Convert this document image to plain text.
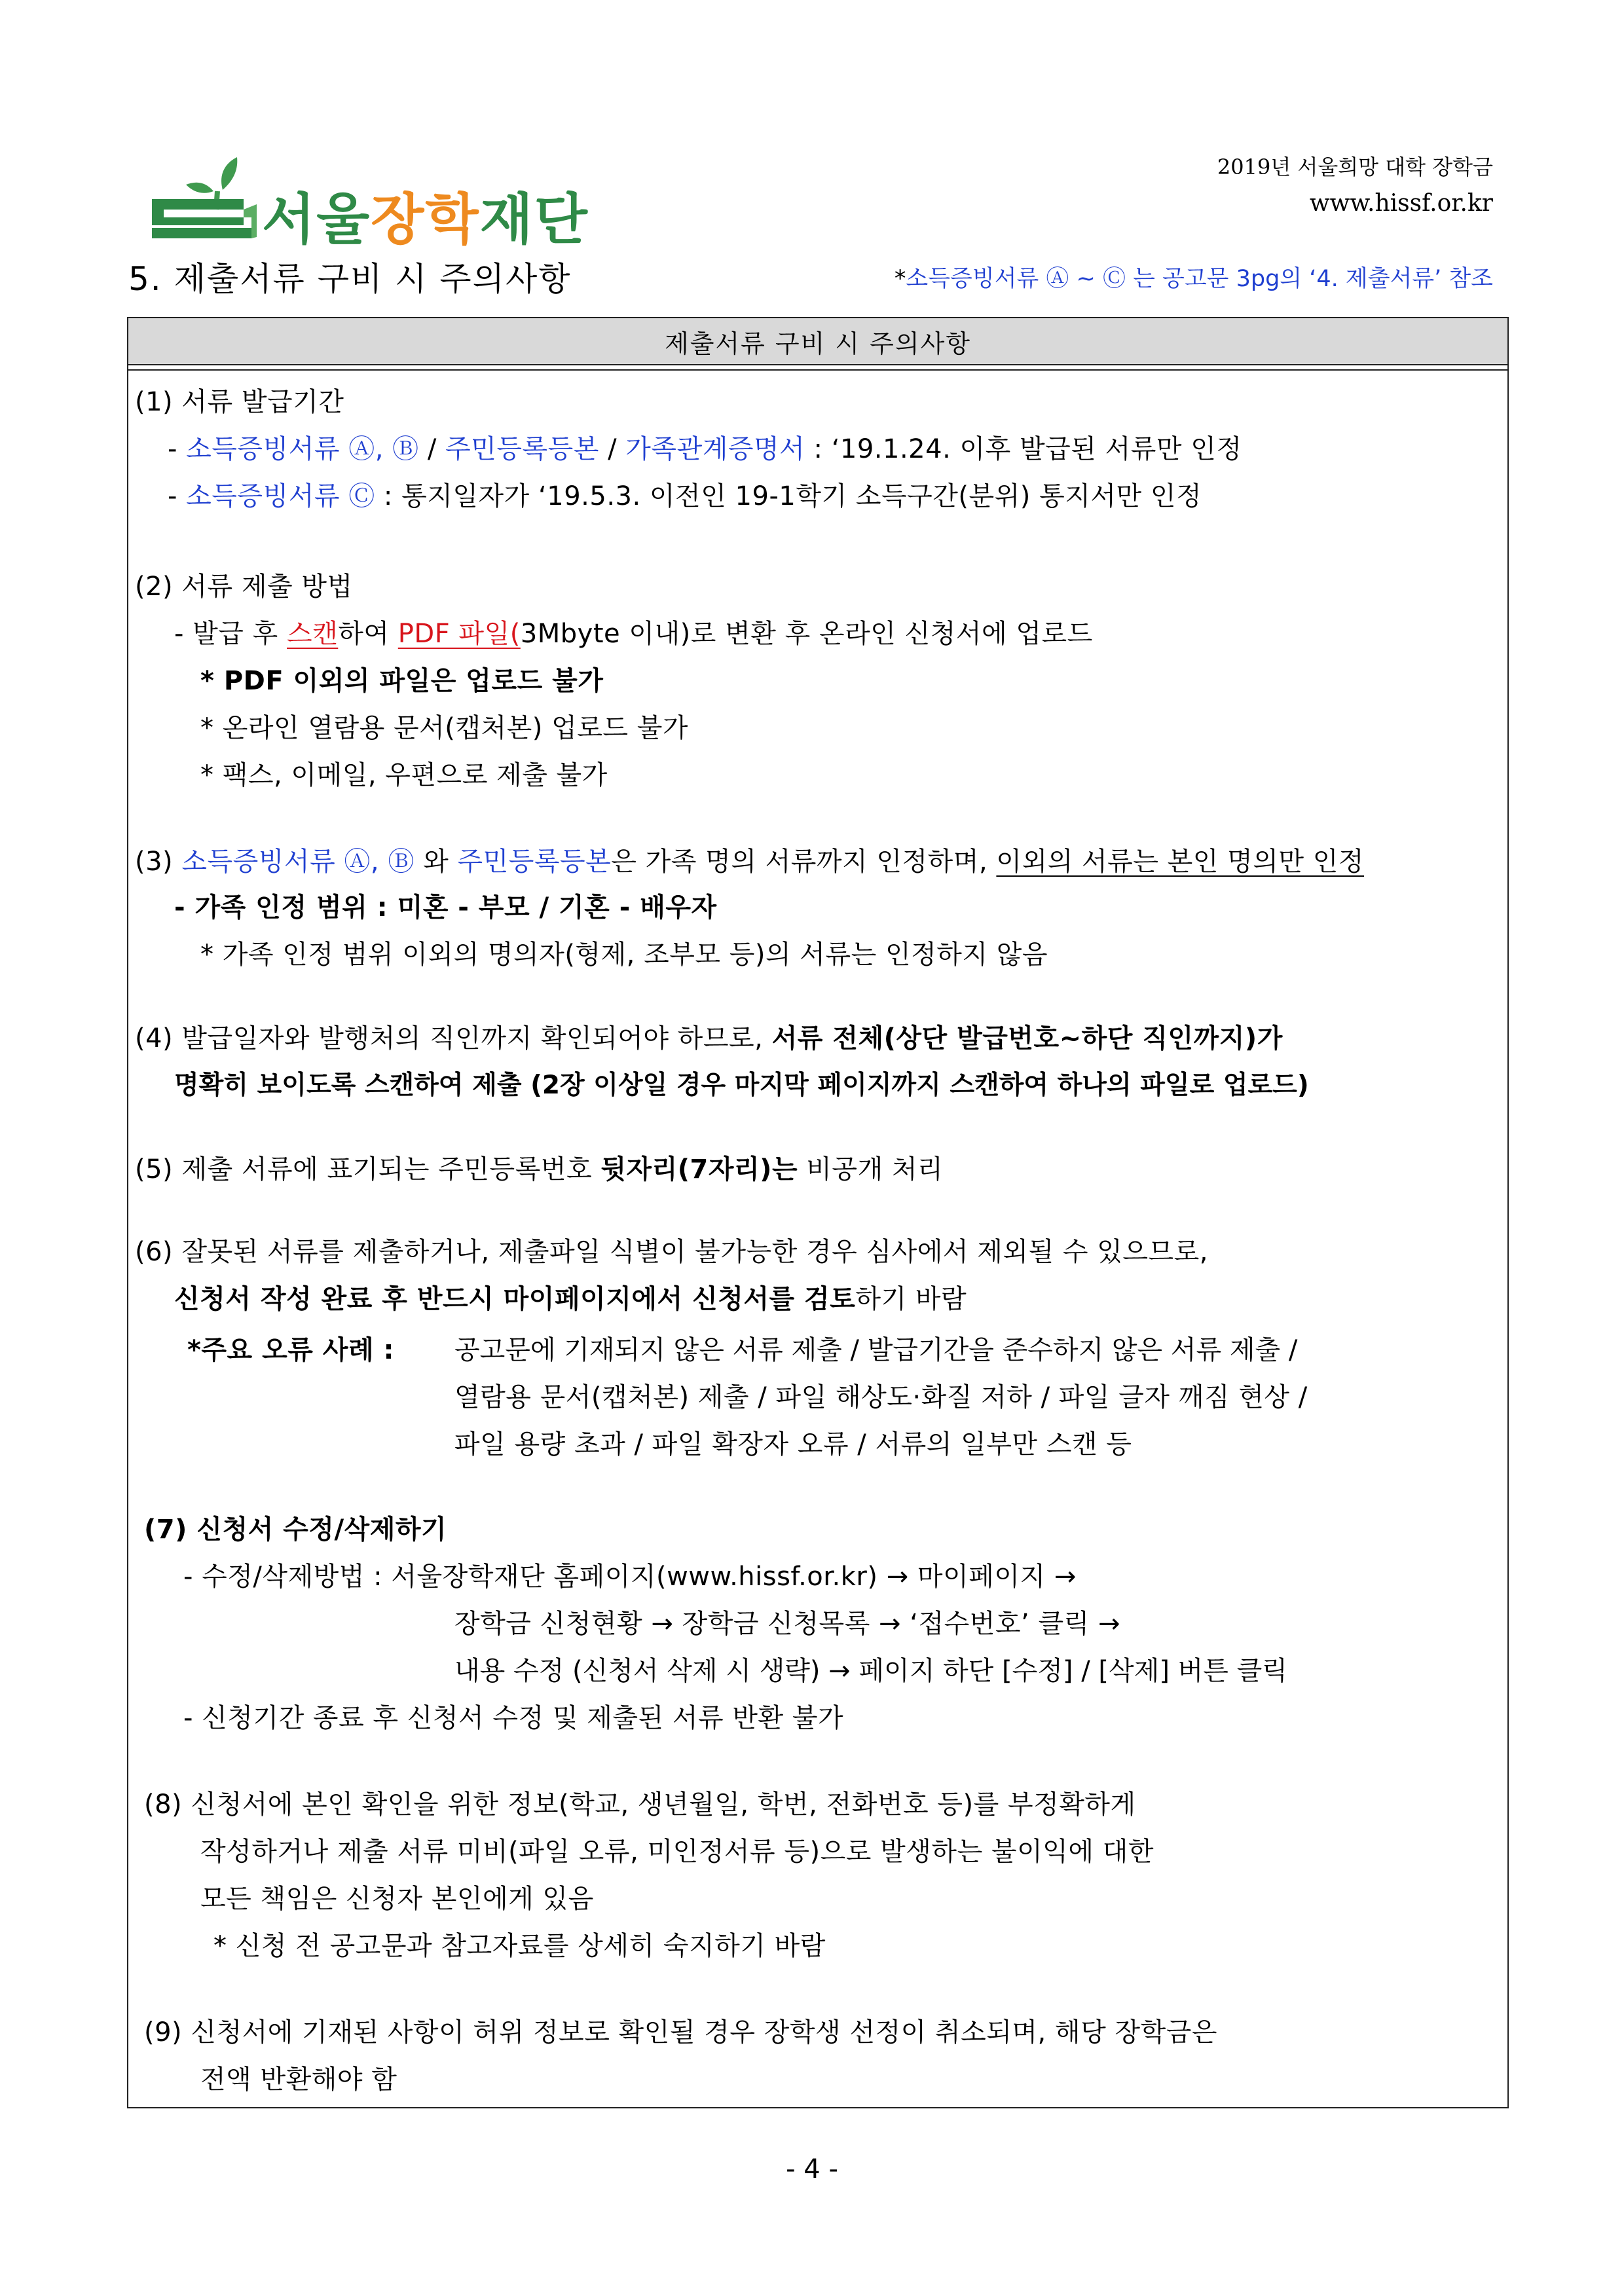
서울장학재단
2019년 서울희망 대학 장학금
www.hissf.or.kr
5. 제출서류 구비 시 주의사항	*소득증빙서류 Ⓐ ~ Ⓒ 는 공고문 3pg의 ‘4. 제출서류’ 참조
제출서류 구비 시 주의사항
(1) 서류 발급기간
- 소득증빙서류 Ⓐ, Ⓑ / 주민등록등본 / 가족관계증명서 : ‘19.1.24. 이후 발급된 서류만 인정
- 소득증빙서류 Ⓒ : 통지일자가 ‘19.5.3. 이전인 19-1학기 소득구간(분위) 통지서만 인정
(2) 서류 제출 방법
- 발급 후 스캔하여 PDF 파일(3Mbyte 이내)로 변환 후 온라인 신청서에 업로드
* PDF 이외의 파일은 업로드 불가
* 온라인 열람용 문서(캡처본) 업로드 불가
* 팩스, 이메일, 우편으로 제출 불가
(3) 소득증빙서류 Ⓐ, Ⓑ 와 주민등록등본은 가족 명의 서류까지 인정하며, 이외의 서류는 본인 명의만 인정
- 가족 인정 범위 : 미혼 - 부모 / 기혼 - 배우자
* 가족 인정 범위 이외의 명의자(형제, 조부모 등)의 서류는 인정하지 않음
(4) 발급일자와 발행처의 직인까지 확인되어야 하므로, 서류 전체(상단 발급번호~하단 직인까지)가
명확히 보이도록 스캔하여 제출 (2장 이상일 경우 마지막 페이지까지 스캔하여 하나의 파일로 업로드)
(5) 제출 서류에 표기되는 주민등록번호 뒷자리(7자리)는 비공개 처리
(6) 잘못된 서류를 제출하거나, 제출파일 식별이 불가능한 경우 심사에서 제외될 수 있으므로,
신청서 작성 완료 후 반드시 마이페이지에서 신청서를 검토하기 바람
*주요 오류 사례 : 공고문에 기재되지 않은 서류 제출 / 발급기간을 준수하지 않은 서류 제출 /
열람용 문서(캡처본) 제출 / 파일 해상도·화질 저하 / 파일 글자 깨짐 현상 /
파일 용량 초과 / 파일 확장자 오류 / 서류의 일부만 스캔 등
(7) 신청서 수정/삭제하기
- 수정/삭제방법 : 서울장학재단 홈페이지(www.hissf.or.kr) → 마이페이지 →
장학금 신청현황 → 장학금 신청목록 → ‘접수번호’ 클릭 →
내용 수정 (신청서 삭제 시 생략) → 페이지 하단 [수정] / [삭제] 버튼 클릭
- 신청기간 종료 후 신청서 수정 및 제출된 서류 반환 불가
(8) 신청서에 본인 확인을 위한 정보(학교, 생년월일, 학번, 전화번호 등)를 부정확하게
작성하거나 제출 서류 미비(파일 오류, 미인정서류 등)으로 발생하는 불이익에 대한
모든 책임은 신청자 본인에게 있음
* 신청 전 공고문과 참고자료를 상세히 숙지하기 바람
(9) 신청서에 기재된 사항이 허위 정보로 확인될 경우 장학생 선정이 취소되며, 해당 장학금은
전액 반환해야 함
- 4 -
